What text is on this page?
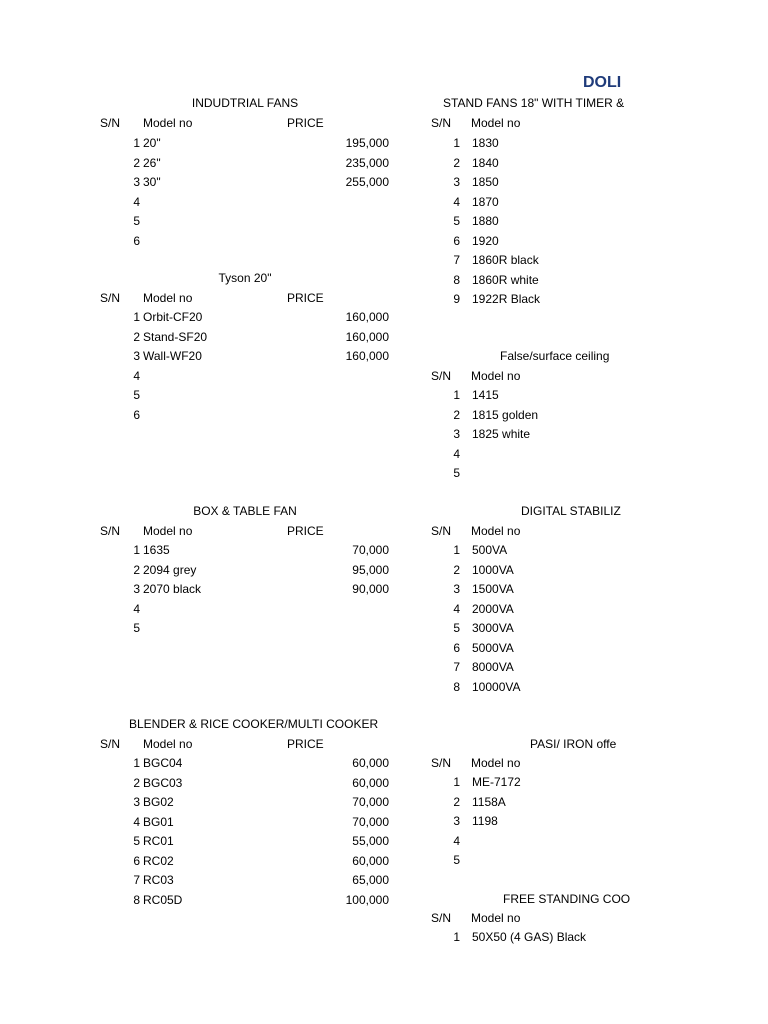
DOLI
INDUDTRIAL FANS
S/N Model no	PRICE
1 20"	195,000
2 26"	235,000
3 30"	255,000
4
5
6
Tyson 20"
S/N Model no	PRICE
1 Orbit-CF20	160,000
2 Stand-SF20	160,000
3 Wall-WF20	160,000
4
5
6
BOX & TABLE FAN
S/N Model no	PRICE
1 1635	70,000
2 2094 grey	95,000
3 2070 black	90,000
4
5
BLENDER & RICE COOKER/MULTI COOKER
S/N Model no	PRICE
1 BGC04	60,000
2 BGC03	60,000
3 BG02	70,000
4 BG01	70,000
5 RC01	55,000
6 RC02	60,000
7 RC03	65,000
8 RC05D	100,000
STAND FANS 18" WITH TIMER &
S/N Model no
1 1830
2 1840
3 1850
4 1870
5 1880
6 1920
7 1860R black
8 1860R white
9 1922R Black
False/surface ceiling
S/N Model no
1 1415
2 1815 golden
3 1825 white
4
5
DIGITAL STABILIZ
S/N Model no
1 500VA
2 1000VA
3 1500VA
4 2000VA
5 3000VA
6 5000VA
7 8000VA
8 10000VA
PASI/ IRON offe
S/N Model no
1 ME-7172
2 1158A
3 1198
4
5
FREE STANDING COO
S/N Model no
1 50X50 (4 GAS) Black
